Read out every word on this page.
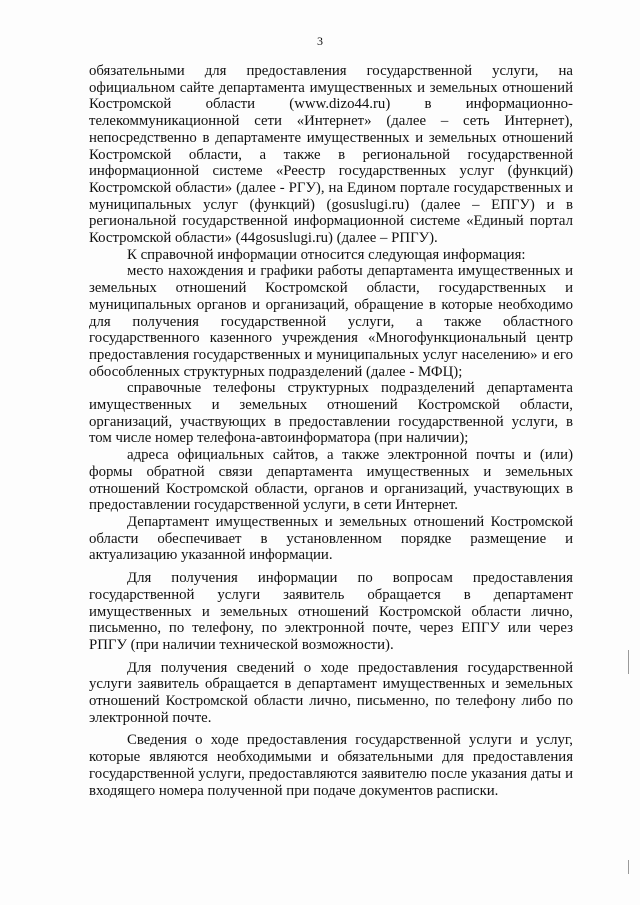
3

обязательными для предоставления государственной услуги, на официальном сайте департамента имущественных и земельных отношений Костромской области (www.dizo44.ru) в информационно-телекоммуникационной сети «Интернет» (далее – сеть Интернет), непосредственно в департаменте имущественных и земельных отношений Костромской области, а также в региональной государственной информационной системе «Реестр государственных услуг (функций) Костромской области» (далее - РГУ), на Едином портале государственных и муниципальных услуг (функций) (gosuslugi.ru) (далее – ЕПГУ) и в региональной государственной информационной системе «Единый портал Костромской области» (44gosuslugi.ru) (далее – РПГУ).

К справочной информации относится следующая информация:

место нахождения и графики работы департамента имущественных и земельных отношений Костромской области, государственных и муниципальных органов и организаций, обращение в которые необходимо для получения государственной услуги, а также областного государственного казенного учреждения «Многофункциональный центр предоставления государственных и муниципальных услуг населению» и его обособленных структурных подразделений (далее - МФЦ);

справочные телефоны структурных подразделений департамента имущественных и земельных отношений Костромской области, организаций, участвующих в предоставлении государственной услуги, в том числе номер телефона-автоинформатора (при наличии);

адреса официальных сайтов, а также электронной почты и (или) формы обратной связи департамента имущественных и земельных отношений Костромской области, органов и организаций, участвующих в предоставлении государственной услуги, в сети Интернет.

Департамент имущественных и земельных отношений Костромской области обеспечивает в установленном порядке размещение и актуализацию указанной информации.

Для получения информации по вопросам предоставления государственной услуги заявитель обращается в департамент имущественных и земельных отношений Костромской области лично, письменно, по телефону, по электронной почте, через ЕПГУ или через РПГУ (при наличии технической возможности).

Для получения сведений о ходе предоставления государственной услуги заявитель обращается в департамент имущественных и земельных отношений Костромской области лично, письменно, по телефону либо по электронной почте.

Сведения о ходе предоставления государственной услуги и услуг, которые являются необходимыми и обязательными для предоставления государственной услуги, предоставляются заявителю после указания даты и входящего номера полученной при подаче документов расписки.
